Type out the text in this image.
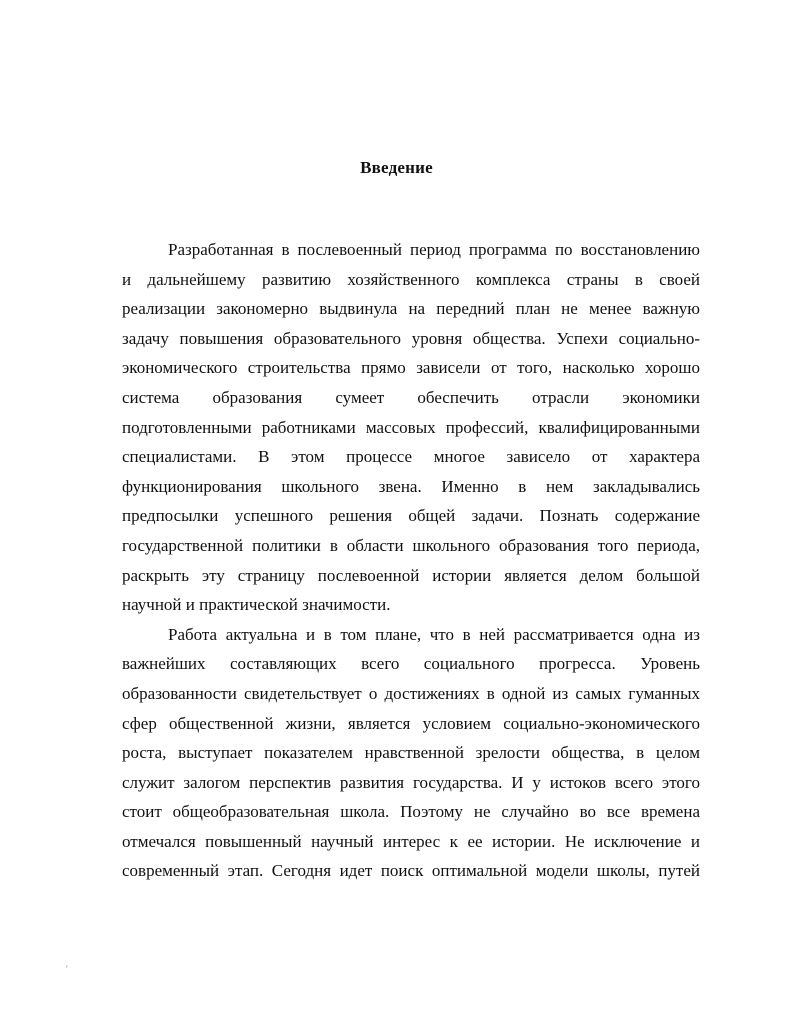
Введение
Разработанная в послевоенный период программа по восстановлению
и дальнейшему развитию хозяйственного комплекса страны в своей
реализации закономерно выдвинула на передний план не менее важную
задачу повышения образовательного уровня общества. Успехи социально-
экономического строительства прямо зависели от того, насколько хорошо
система образования сумеет обеспечить отрасли экономики
подготовленными работниками массовых профессий, квалифицированными
специалистами. В этом процессе многое зависело от характера
функционирования школьного звена. Именно в нем закладывались
предпосылки успешного решения общей задачи. Познать содержание
государственной политики в области школьного образования того периода,
раскрыть эту страницу послевоенной истории является делом большой
научной и практической значимости.
Работа актуальна и в том плане, что в ней рассматривается одна из
важнейших составляющих всего социального прогресса. Уровень
образованности свидетельствует о достижениях в одной из самых гуманных
сфер общественной жизни, является условием социально-экономического
роста, выступает показателем нравственной зрелости общества, в целом
служит залогом перспектив развития государства. И у истоков всего этого
стоит общеобразовательная школа. Поэтому не случайно во все времена
отмечался повышенный научный интерес к ее истории. Не исключение и
современный этап. Сегодня идет поиск оптимальной модели школы, путей
′
